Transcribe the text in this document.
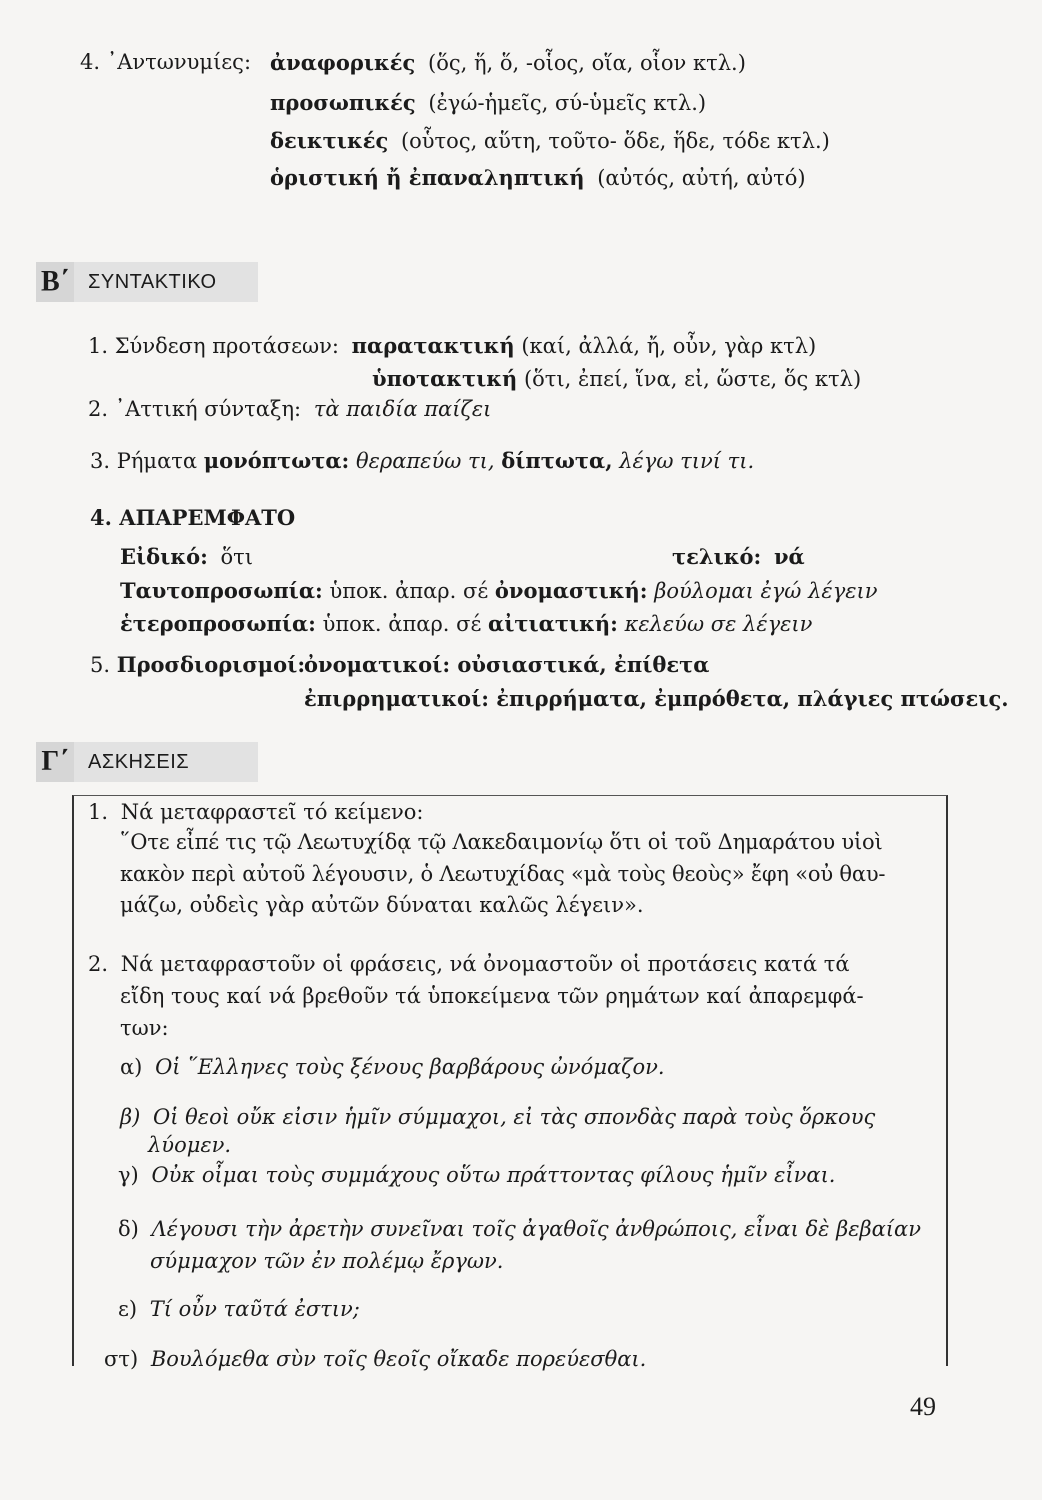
4. ᾿Αντωνυμίες: ἀναφορικές (ὅς, ἥ, ὅ, -οἷος, οἵα, οἷον κτλ.)
προσωπικές (ἐγώ-ἡμεῖς, σύ-ὑμεῖς κτλ.)
δεικτικές (οὗτος, αὕτη, τοῦτο- ὅδε, ἥδε, τόδε κτλ.)
ὁριστική ἤ ἐπαναληπτική (αὐτός, αὐτή, αὐτό)
Β΄ ΣΥΝΤΑΚΤΙΚΟ
1. Σύνδεση προτάσεων: παρατακτική (καί, ἀλλά, ἤ, οὖν, γὰρ κτλ)
ὑποτακτική (ὅτι, ἐπεί, ἵνα, εἰ, ὥστε, ὅς κτλ)
2. ᾿Αττική σύνταξη: τὰ παιδία παίζει
3. Ρήματα μονόπτωτα: θεραπεύω τι, δίπτωτα, λέγω τινί τι.
4. ΑΠΑΡΕΜΦΑΤΟ
Εἰδικό: ὅτι	τελικό: νά
Ταυτοπροσωπία: ὑποκ. ἀπαρ. σέ ὀνομαστική: βούλομαι ἐγώ λέγειν
ἑτεροπροσωπία: ὑποκ. ἀπαρ. σέ αἰτιατική: κελεύω σε λέγειν
5. Προσδιορισμοί:
ὀνοματικοί: οὐσιαστικά, ἐπίθετα
ἐπιρρηματικοί: ἐπιρρήματα, ἐμπρόθετα, πλάγιες πτώσεις.
Γ΄ ΑΣΚΗΣΕΙΣ
1. Νά μεταφραστεῖ τό κείμενο:
῞Οτε εἶπέ τις τῷ Λεωτυχίδᾳ τῷ Λακεδαιμονίῳ ὅτι οἱ τοῦ Δημαράτου υἱοὶ
κακὸν περὶ αὐτοῦ λέγουσιν, ὁ Λεωτυχίδας «μὰ τοὺς θεοὺς» ἔφη «οὐ θαυ-
μάζω, οὐδεὶς γὰρ αὐτῶν δύναται καλῶς λέγειν».
2. Νά μεταφραστοῦν οἱ φράσεις, νά ὀνομαστοῦν οἱ προτάσεις κατά τά
εἴδη τους καί νά βρεθοῦν τά ὑποκείμενα τῶν ρημάτων καί ἀπαρεμφά-
των:
α) Οἱ ῞Ελληνες τοὺς ξένους βαρβάρους ὠνόμαζον.
β) Οἱ θεοὶ οὔκ εἰσιν ἡμῖν σύμμαχοι, εἰ τὰς σπονδὰς παρὰ τοὺς ὅρκους
λύομεν.
γ) Οὐκ οἶμαι τοὺς συμμάχους οὕτω πράττοντας φίλους ἡμῖν εἶναι.
δ) Λέγουσι τὴν ἀρετὴν συνεῖναι τοῖς ἀγαθοῖς ἀνθρώποις, εἶναι δὲ βεβαίαν
σύμμαχον τῶν ἐν πολέμῳ ἔργων.
ε) Τί οὖν ταῦτά ἐστιν;
στ) Βουλόμεθα σὺν τοῖς θεοῖς οἴκαδε πορεύεσθαι.
49
